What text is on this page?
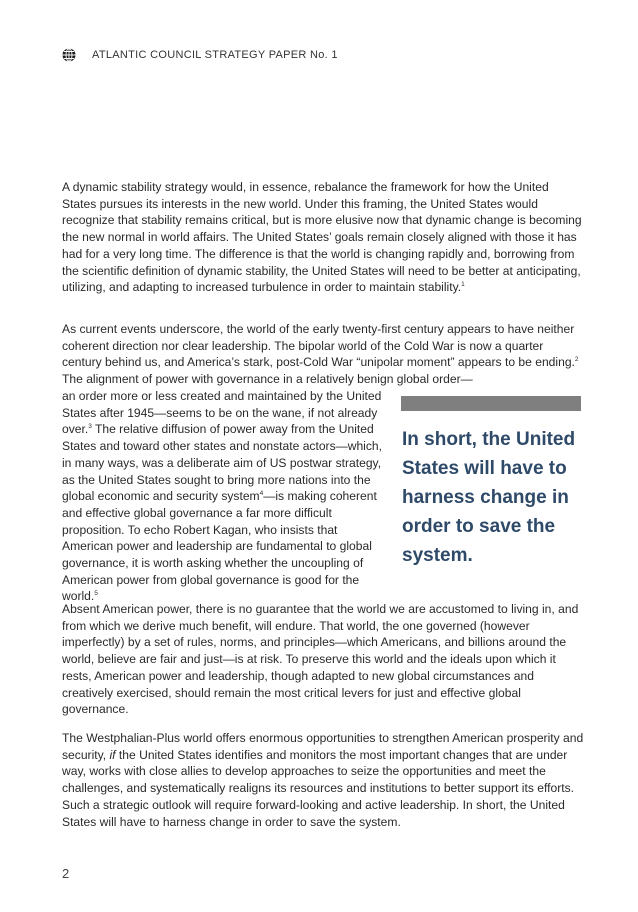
ATLANTIC COUNCIL STRATEGY PAPER No. 1

A dynamic stability strategy would, in essence, rebalance the framework for how the United States pursues its interests in the new world. Under this framing, the United States would recognize that stability remains critical, but is more elusive now that dynamic change is becoming the new normal in world affairs. The United States’ goals remain closely aligned with those it has had for a very long time. The difference is that the world is changing rapidly and, borrowing from the scientific definition of dynamic stability, the United States will need to be better at anticipating, utilizing, and adapting to increased turbulence in order to maintain stability.$^1$

As current events underscore, the world of the early twenty-first century appears to have neither coherent direction nor clear leadership. The bipolar world of the Cold War is now a quarter century behind us, and America’s stark, post-Cold War “unipolar moment” appears to be ending.$^2$ The alignment of power with governance in a relatively benign global order—

an order more or less created and maintained by the United States after 1945—seems to be on the wane, if not already over.$^3$ The relative diffusion of power away from the United States and toward other states and nonstate actors—which, in many ways, was a deliberate aim of US postwar strategy, as the United States sought to bring more nations into the global economic and security system$^4$—is making coherent and effective global governance a far more difficult proposition. To echo Robert Kagan, who insists that American power and leadership are fundamental to global governance, it is worth asking whether the uncoupling of American power from global governance is good for the world.$^5$

Absent American power, there is no guarantee that the world we are accustomed to living in, and from which we derive much benefit, will endure. That world, the one governed (however imperfectly) by a set of rules, norms, and principles—which Americans, and billions around the world, believe are fair and just—is at risk. To preserve this world and the ideals upon which it rests, American power and leadership, though adapted to new global circumstances and creatively exercised, should remain the most critical levers for just and effective global governance.

The Westphalian-Plus world offers enormous opportunities to strengthen American prosperity and security, if the United States identifies and monitors the most important changes that are under way, works with close allies to develop approaches to seize the opportunities and meet the challenges, and systematically realigns its resources and institutions to better support its efforts. Such a strategic outlook will require forward-looking and active leadership. In short, the United States will have to harness change in order to save the system.

In short, the United States will have to harness change in order to save the system.

2
